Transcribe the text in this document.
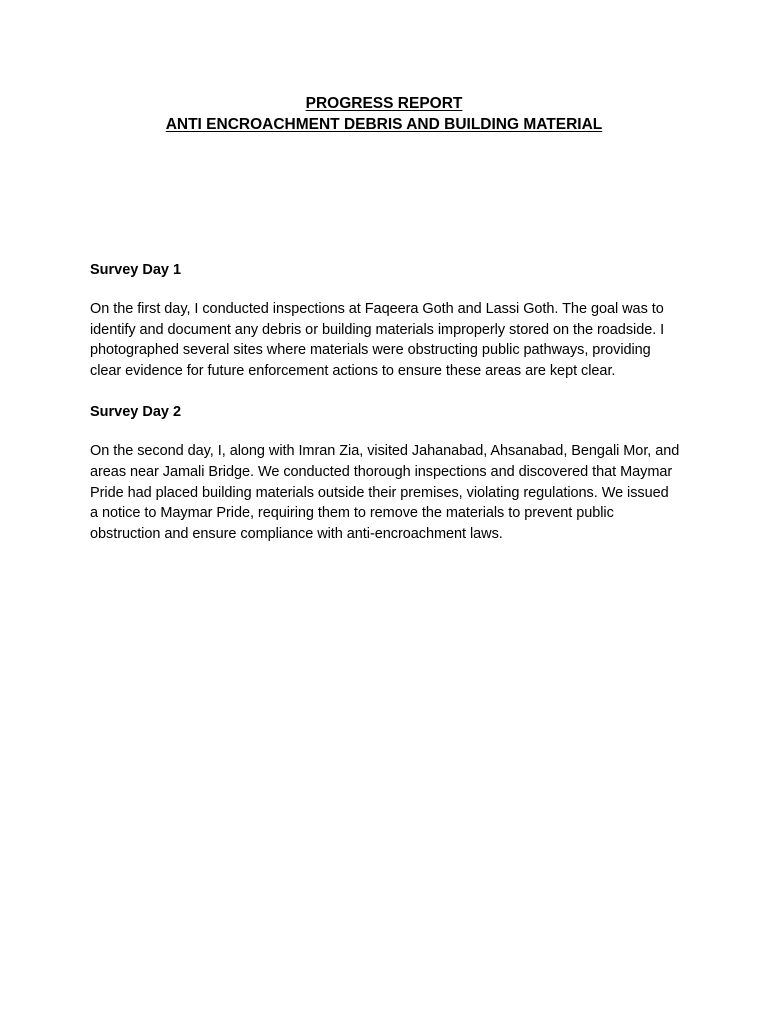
PROGRESS REPORT
ANTI ENCROACHMENT DEBRIS AND BUILDING MATERIAL

Survey Day 1

On the first day, I conducted inspections at Faqeera Goth and Lassi Goth. The goal was to identify and document any debris or building materials improperly stored on the roadside. I photographed several sites where materials were obstructing public pathways, providing clear evidence for future enforcement actions to ensure these areas are kept clear.

Survey Day 2

On the second day, I, along with Imran Zia, visited Jahanabad, Ahsanabad, Bengali Mor, and areas near Jamali Bridge. We conducted thorough inspections and discovered that Maymar Pride had placed building materials outside their premises, violating regulations. We issued a notice to Maymar Pride, requiring them to remove the materials to prevent public obstruction and ensure compliance with anti-encroachment laws.
